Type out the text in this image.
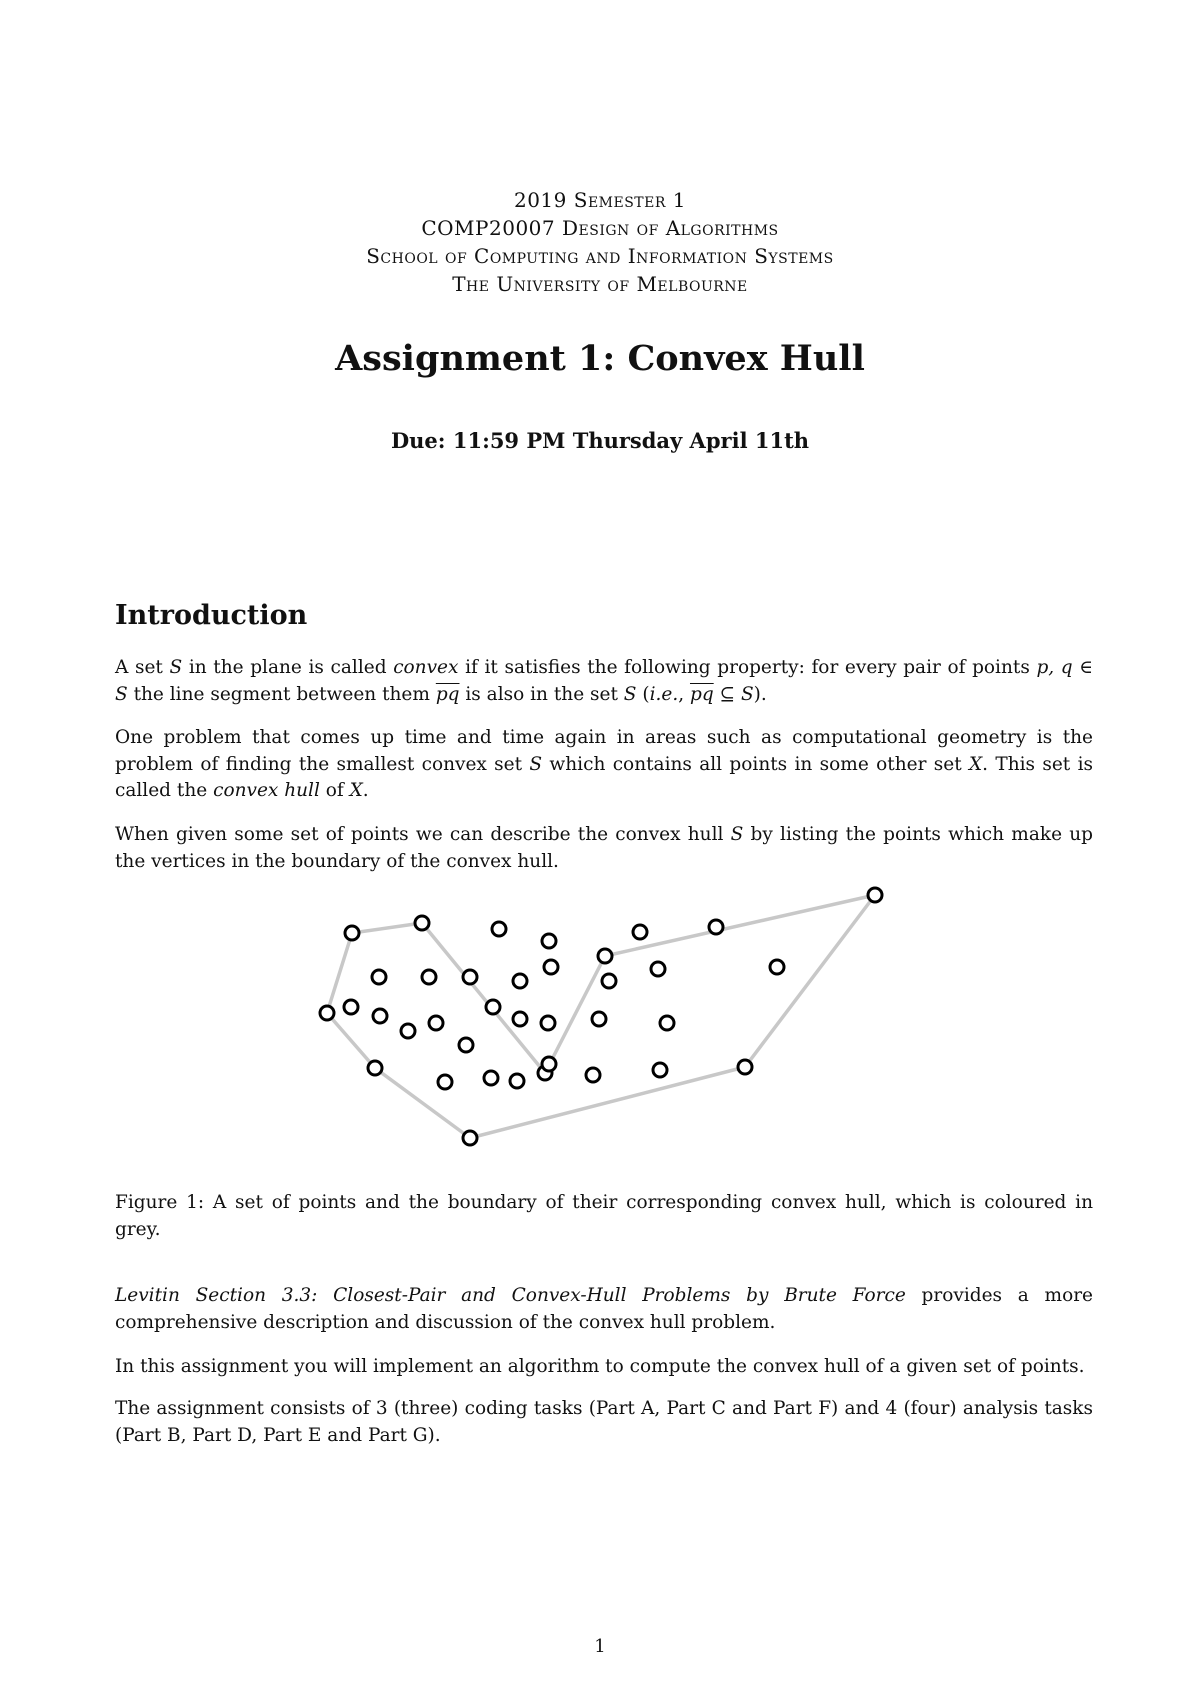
2019 Semester 1
COMP20007 Design of Algorithms
School of Computing and Information Systems
The University of Melbourne
Assignment 1: Convex Hull
Due: 11:59 PM Thursday April 11th
Introduction
A set S in the plane is called convex if it satisfies the following property: for every pair of points p, q ∈ S the line segment between them $\overline{pq}$ is also in the set S (i.e., $\overline{pq}$ ⊆ S).
One problem that comes up time and time again in areas such as computational geometry is the problem of finding the smallest convex set S which contains all points in some other set X. This set is called the convex hull of X.
When given some set of points we can describe the convex hull S by listing the points which make up the vertices in the boundary of the convex hull.
Figure 1: A set of points and the boundary of their corresponding convex hull, which is coloured in grey.
Levitin Section 3.3: Closest-Pair and Convex-Hull Problems by Brute Force provides a more comprehensive description and discussion of the convex hull problem.
In this assignment you will implement an algorithm to compute the convex hull of a given set of points.
The assignment consists of 3 (three) coding tasks (Part A, Part C and Part F) and 4 (four) analysis tasks (Part B, Part D, Part E and Part G).
1
